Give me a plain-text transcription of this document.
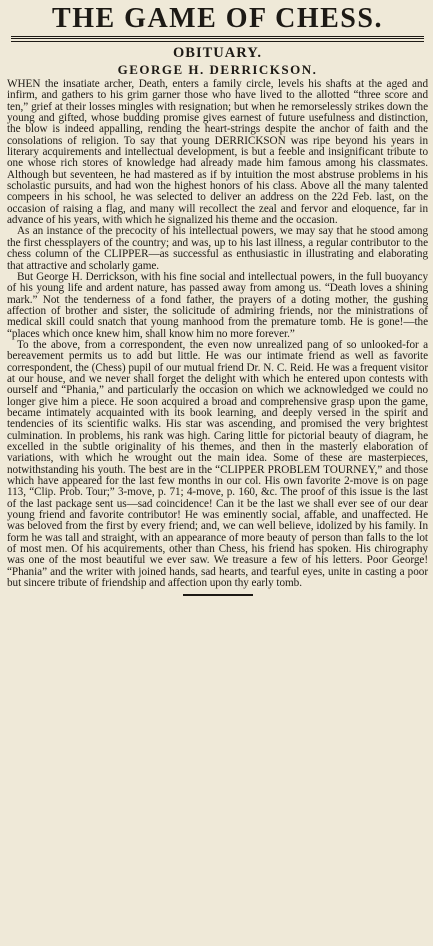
THE GAME OF CHESS.
OBITUARY.
GEORGE H. DERRICKSON.

WHEN the insatiate archer, Death, enters a family circle, levels his shafts at the aged and infirm, and gathers to his grim garner those who have lived to the allotted “three score and ten,” grief at their losses mingles with resignation; but when he remorselessly strikes down the young and gifted, whose budding promise gives earnest of future usefulness and distinction, the blow is indeed appalling, rending the heart-strings despite the anchor of faith and the consolations of religion. To say that young DERRICKSON was ripe beyond his years in literary acquirements and intellectual development, is but a feeble and insignificant tribute to one whose rich stores of knowledge had already made him famous among his classmates. Although but seventeen, he had mastered as if by intuition the most abstruse problems in his scholastic pursuits, and had won the highest honors of his class. Above all the many talented compeers in his school, he was selected to deliver an address on the 22d Feb. last, on the occasion of raising a flag, and many will recollect the zeal and fervor and eloquence, far in advance of his years, with which he signalized his theme and the occasion.

As an instance of the precocity of his intellectual powers, we may say that he stood among the first chessplayers of the country; and was, up to his last illness, a regular contributor to the chess column of the CLIPPER—as successful as enthusiastic in illustrating and elaborating that attractive and scholarly game.

But George H. Derrickson, with his fine social and intellectual powers, in the full buoyancy of his young life and ardent nature, has passed away from among us. “Death loves a shining mark.” Not the tenderness of a fond father, the prayers of a doting mother, the gushing affection of brother and sister, the solicitude of admiring friends, nor the ministrations of medical skill could snatch that young manhood from the premature tomb. He is gone!—the “places which once knew him, shall know him no more forever.”

To the above, from a correspondent, the even now unrealized pang of so unlooked-for a bereavement permits us to add but little. He was our intimate friend as well as favorite correspondent, the (Chess) pupil of our mutual friend Dr. N. C. Reid. He was a frequent visitor at our house, and we never shall forget the delight with which he entered upon contests with ourself and “Phania,” and particularly the occasion on which we acknowledged we could no longer give him a piece. He soon acquired a broad and comprehensive grasp upon the game, became intimately acquainted with its book learning, and deeply versed in the spirit and tendencies of its scientific walks. His star was ascending, and promised the very brightest culmination. In problems, his rank was high. Caring little for pictorial beauty of diagram, he excelled in the subtle originality of his themes, and then in the masterly elaboration of variations, with which he wrought out the main idea. Some of these are masterpieces, notwithstanding his youth. The best are in the “CLIPPER PROBLEM TOURNEY,” and those which have appeared for the last few months in our col. His own favorite 2-move is on page 113, “Clip. Prob. Tour;” 3-move, p. 71; 4-move, p. 160, &c. The proof of this issue is the last of the last package sent us—sad coincidence! Can it be the last we shall ever see of our dear young friend and favorite contributor! He was eminently social, affable, and unaffected. He was beloved from the first by every friend; and, we can well believe, idolized by his family. In form he was tall and straight, with an appearance of more beauty of person than falls to the lot of most men. Of his acquirements, other than Chess, his friend has spoken. His chirography was one of the most beautiful we ever saw. We treasure a few of his letters. Poor George! “Phania” and the writer with joined hands, sad hearts, and tearful eyes, unite in casting a poor but sincere tribute of friendship and affection upon thy early tomb.
